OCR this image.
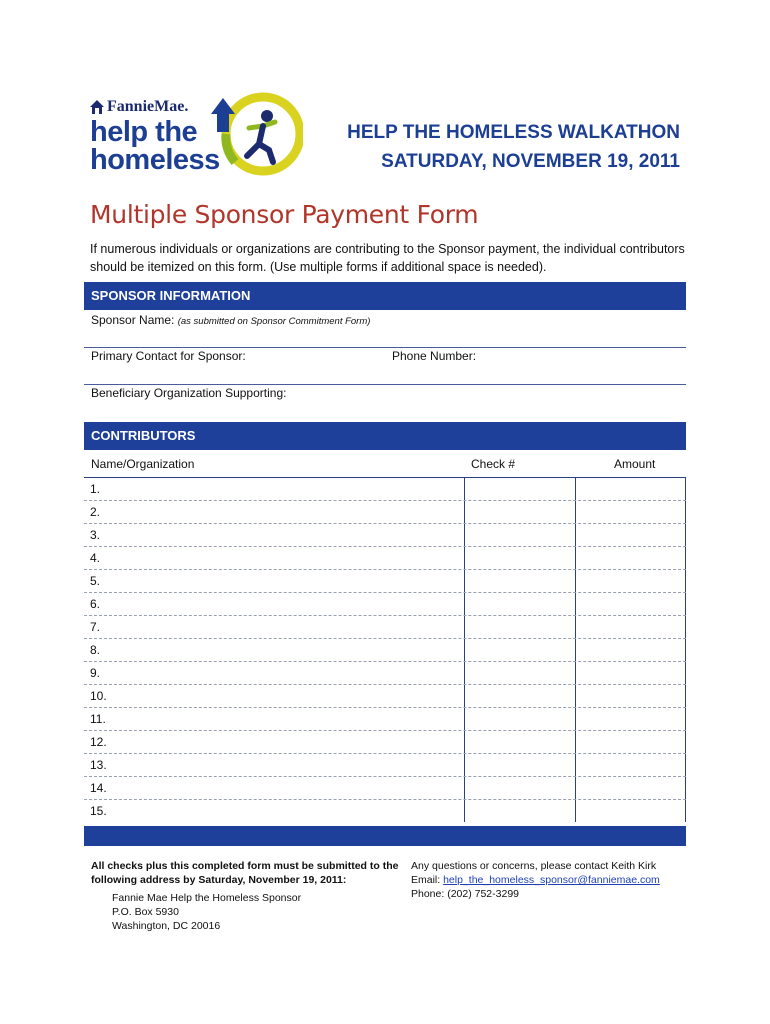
FannieMae.
help the
homeless
HELP THE HOMELESS WALKATHON
SATURDAY, NOVEMBER 19, 2011
Multiple Sponsor Payment Form
If numerous individuals or organizations are contributing to the Sponsor payment, the individual contributors should be itemized on this form. (Use multiple forms if additional space is needed).
SPONSOR INFORMATION
Sponsor Name: (as submitted on Sponsor Commitment Form)
Primary Contact for Sponsor:	Phone Number:
Beneficiary Organization Supporting:
CONTRIBUTORS
Name/Organization	Check #	Amount
1.
2.
3.
4.
5.
6.
7.
8.
9.
10.
11.
12.
13.
14.
15.
All checks plus this completed form must be submitted to the
following address by Saturday, November 19, 2011:
Fannie Mae Help the Homeless Sponsor
P.O. Box 5930
Washington, DC 20016
Any questions or concerns, please contact Keith Kirk
Email: help_the_homeless_sponsor@fanniemae.com
Phone: (202) 752-3299
